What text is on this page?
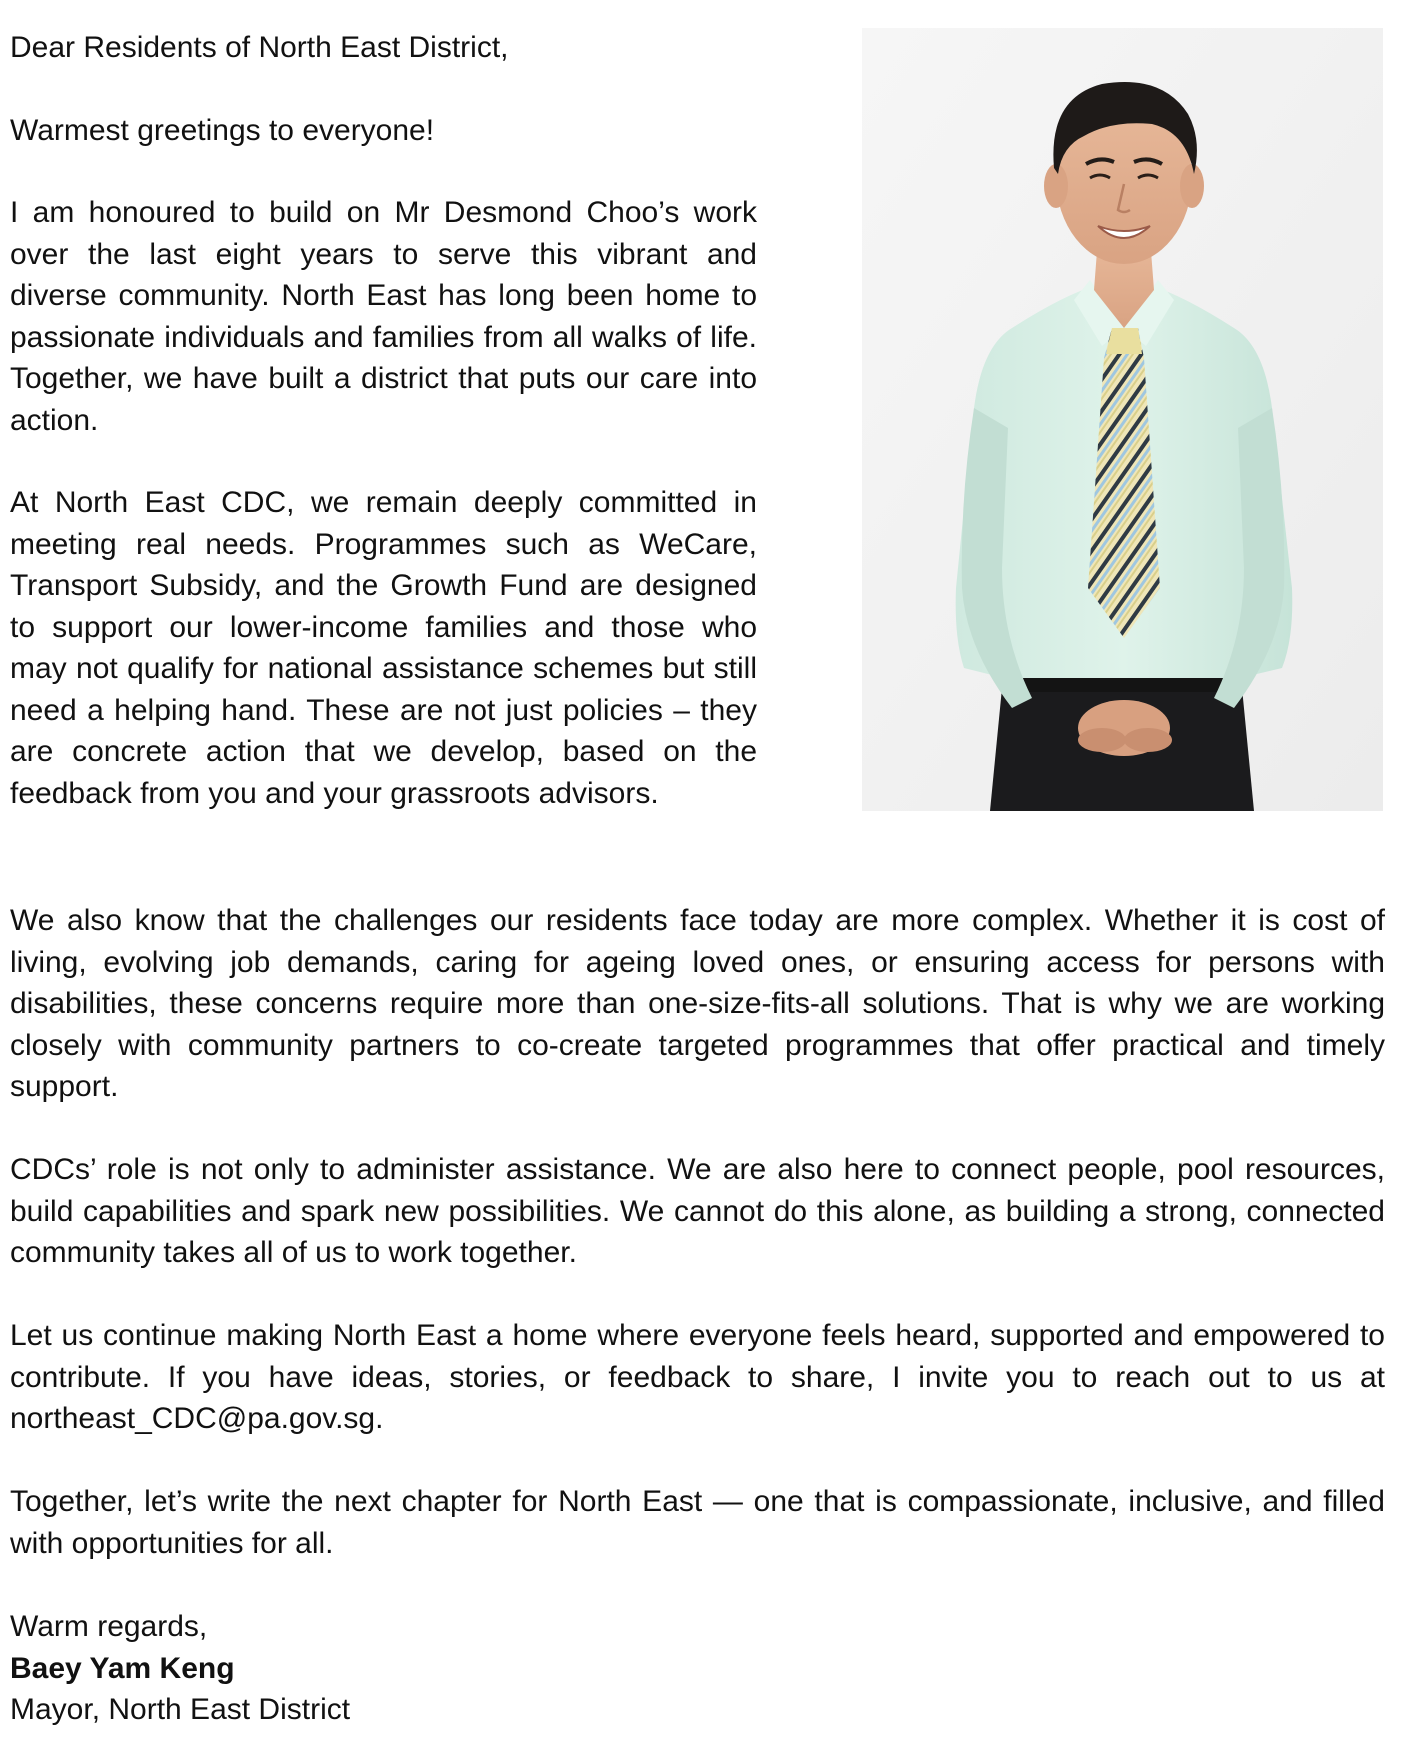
Dear Residents of North East District,

Warmest greetings to everyone!

I am honoured to build on Mr Desmond Choo’s work over the last eight years to serve this vibrant and diverse community. North East has long been home to passionate individuals and families from all walks of life. Together, we have built a district that puts our care into action.

At North East CDC, we remain deeply committed in meeting real needs. Programmes such as WeCare, Transport Subsidy, and the Growth Fund are designed to support our lower-income families and those who may not qualify for national assistance schemes but still need a helping hand. These are not just policies – they are concrete action that we develop, based on the feedback from you and your grassroots advisors.

We also know that the challenges our residents face today are more complex. Whether it is cost of living, evolving job demands, caring for ageing loved ones, or ensuring access for persons with disabilities, these concerns require more than one-size-fits-all solutions. That is why we are working closely with community partners to co-create targeted programmes that offer practical and timely support.

CDCs’ role is not only to administer assistance. We are also here to connect people, pool resources, build capabilities and spark new possibilities. We cannot do this alone, as building a strong, connected community takes all of us to work together.

Let us continue making North East a home where everyone feels heard, supported and empowered to contribute. If you have ideas, stories, or feedback to share, I invite you to reach out to us at northeast_CDC@pa.gov.sg.

Together, let’s write the next chapter for North East — one that is compassionate, inclusive, and filled with opportunities for all.

Warm regards,

Baey Yam Keng

Mayor, North East District
